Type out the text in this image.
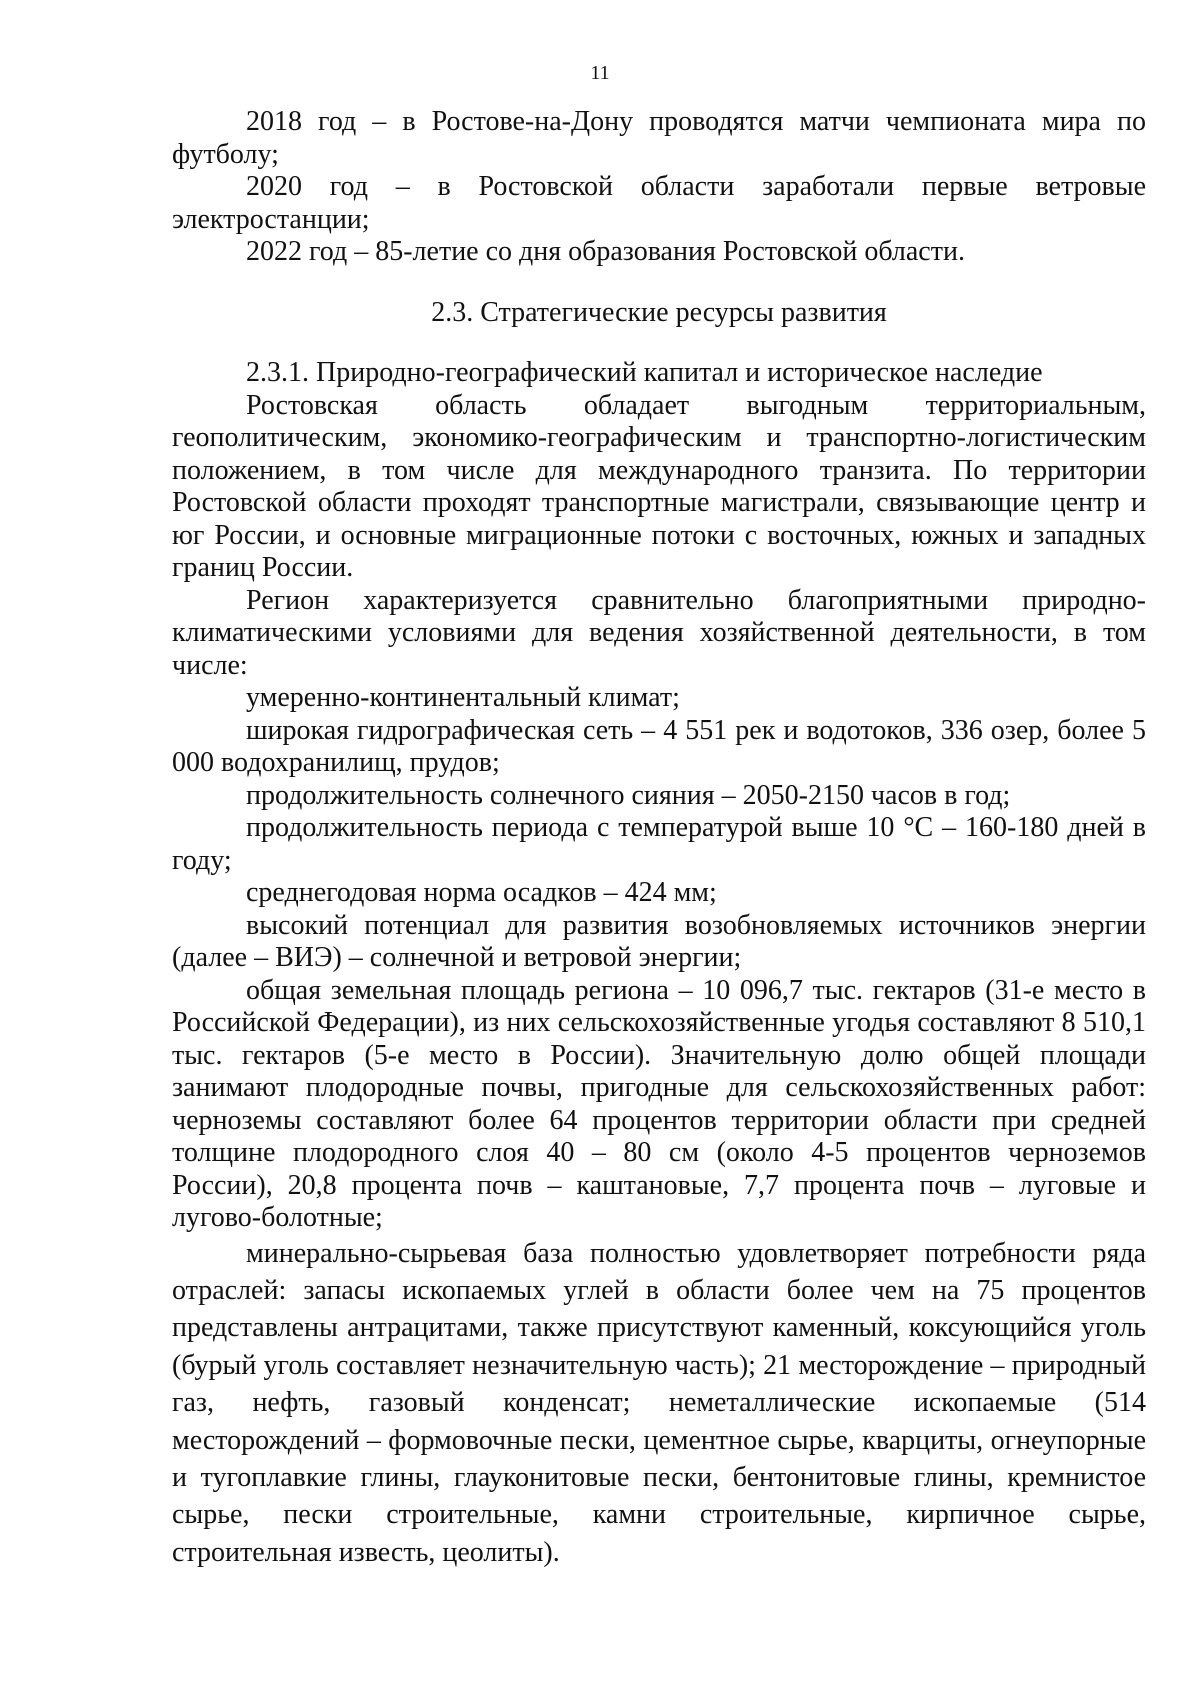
11

2018 год – в Ростове-на-Дону проводятся матчи чемпионата мира по футболу;

2020 год – в Ростовской области заработали первые ветровые электростанции;

2022 год – 85-летие со дня образования Ростовской области.

2.3. Стратегические ресурсы развития

2.3.1. Природно-географический капитал и историческое наследие

Ростовская область обладает выгодным территориальным, геополитическим, экономико-географическим и транспортно-логистическим положением, в том числе для международного транзита. По территории Ростовской области проходят транспортные магистрали, связывающие центр и юг России, и основные миграционные потоки с восточных, южных и западных границ России.

Регион характеризуется сравнительно благоприятными природно-климатическими условиями для ведения хозяйственной деятельности, в том числе:

умеренно-континентальный климат;

широкая гидрографическая сеть – 4 551 рек и водотоков, 336 озер, более 5 000 водохранилищ, прудов;

продолжительность солнечного сияния – 2050-2150 часов в год;

продолжительность периода с температурой выше 10 °С – 160-180 дней в году;

среднегодовая норма осадков – 424 мм;

высокий потенциал для развития возобновляемых источников энергии (далее – ВИЭ) – солнечной и ветровой энергии;

общая земельная площадь региона – 10 096,7 тыс. гектаров (31-е место в Российской Федерации), из них сельскохозяйственные угодья составляют 8 510,1 тыс. гектаров (5-е место в России). Значительную долю общей площади занимают плодородные почвы, пригодные для сельскохозяйственных работ: черноземы составляют более 64 процентов территории области при средней толщине плодородного слоя 40 – 80 см (около 4-5 процентов черноземов России), 20,8 процента почв – каштановые, 7,7 процента почв – луговые и лугово-болотные;

минерально-сырьевая база полностью удовлетворяет потребности ряда отраслей: запасы ископаемых углей в области более чем на 75 процентов представлены антрацитами, также присутствуют каменный, коксующийся уголь (бурый уголь составляет незначительную часть); 21 месторождение – природный газ, нефть, газовый конденсат; неметаллические ископаемые (514 месторождений – формовочные пески, цементное сырье, кварциты, огнеупорные и тугоплавкие глины, глауконитовые пески, бентонитовые глины, кремнистое сырье, пески строительные, камни строительные, кирпичное сырье, строительная известь, цеолиты).
